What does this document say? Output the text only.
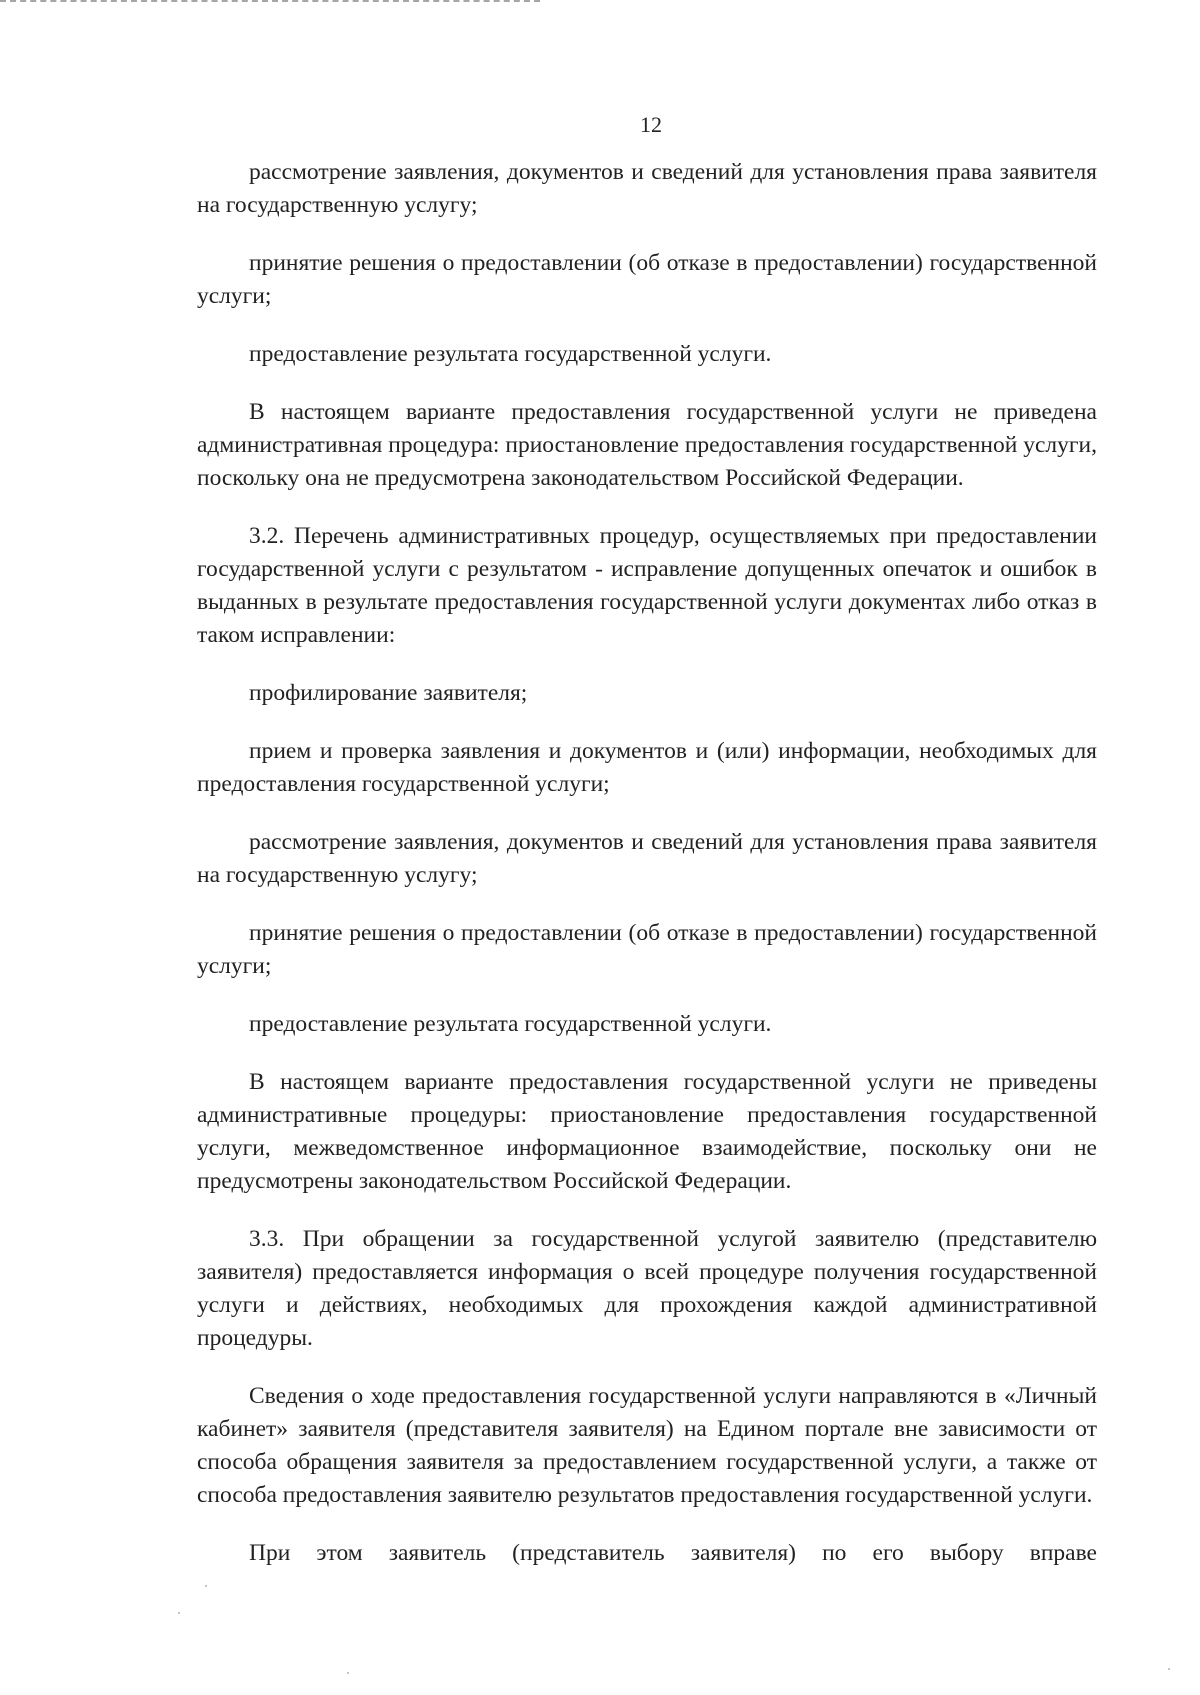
12

рассмотрение заявления, документов и сведений для установления права заявителя на государственную услугу;

принятие решения о предоставлении (об отказе в предоставлении) государственной услуги;

предоставление результата государственной услуги.

В настоящем варианте предоставления государственной услуги не приведена административная процедура: приостановление предоставления государственной услуги, поскольку она не предусмотрена законодательством Российской Федерации.

3.2. Перечень административных процедур, осуществляемых при предоставлении государственной услуги с результатом - исправление допущенных опечаток и ошибок в выданных в результате предоставления государственной услуги документах либо отказ в таком исправлении:

профилирование заявителя;

прием и проверка заявления и документов и (или) информации, необходимых для предоставления государственной услуги;

рассмотрение заявления, документов и сведений для установления права заявителя на государственную услугу;

принятие решения о предоставлении (об отказе в предоставлении) государственной услуги;

предоставление результата государственной услуги.

В настоящем варианте предоставления государственной услуги не приведены административные процедуры: приостановление предоставления государственной услуги, межведомственное информационное взаимодействие, поскольку они не предусмотрены законодательством Российской Федерации.

3.3. При обращении за государственной услугой заявителю (представителю заявителя) предоставляется информация о всей процедуре получения государственной услуги и действиях, необходимых для прохождения каждой административной процедуры.

Сведения о ходе предоставления государственной услуги направляются в «Личный кабинет» заявителя (представителя заявителя) на Едином портале вне зависимости от способа обращения заявителя за предоставлением государственной услуги, а также от способа предоставления заявителю результатов предоставления государственной услуги.

При этом заявитель (представитель заявителя) по его выбору вправе
